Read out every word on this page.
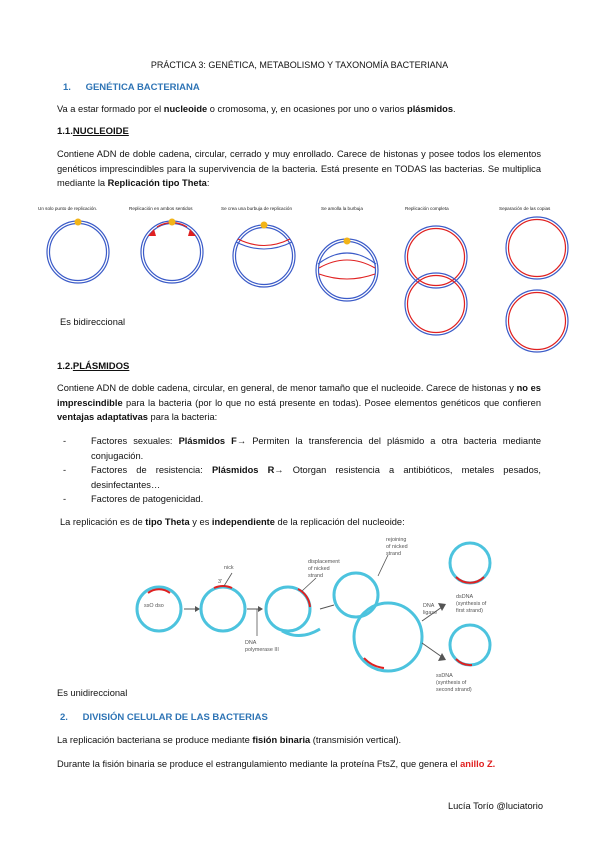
PRÁCTICA 3: GENÉTICA, METABOLISMO Y TAXONOMÍA BACTERIANA
1. GENÉTICA BACTERIANA
Va a estar formado por el nucleoide o cromosoma, y, en ocasiones por uno o varios plásmidos.
1.1.NUCLEOIDE
Contiene ADN de doble cadena, circular, cerrado y muy enrollado. Carece de histonas y posee todos los elementos genéticos imprescindibles para la supervivencia de la bacteria. Está presente en TODAS las bacterias. Se multiplica mediante la Replicación tipo Theta:
Un solo punto de replicación.	Replicación en ambos sentidos	Se crea una burbuja de replicación	Se amolla la burbuja	Replicación completa	Separación de las copias
Es bidireccional
1.2.PLÁSMIDOS
Contiene ADN de doble cadena, circular, en general, de menor tamaño que el nucleoide. Carece de histonas y no es imprescindible para la bacteria (por lo que no está presente en todas). Posee elementos genéticos que confieren ventajas adaptativas para la bacteria:
-	Factores sexuales: Plásmidos F→ Permiten la transferencia del plásmido a otra bacteria mediante conjugación.
-	Factores de resistencia: Plásmidos R→ Otorgan resistencia a antibióticos, metales pesados, desinfectantes…
-	Factores de patogenicidad.
La replicación es de tipo Theta y es independiente de la replicación del nucleoide:
ssO dso
nick
3'
DNA
polymerase III
displacement
of nicked
strand
rejoining
of nicked
strand
DNA
ligase
dsDNA
(synthesis of
first strand)
ssDNA
(synthesis of
second strand)
Es unidireccional
2. DIVISIÓN CELULAR DE LAS BACTERIAS
La replicación bacteriana se produce mediante fisión binaria (transmisión vertical).
Durante la fisión binaria se produce el estrangulamiento mediante la proteína FtsZ, que genera el anillo Z.
Lucía Torío @luciatorio
